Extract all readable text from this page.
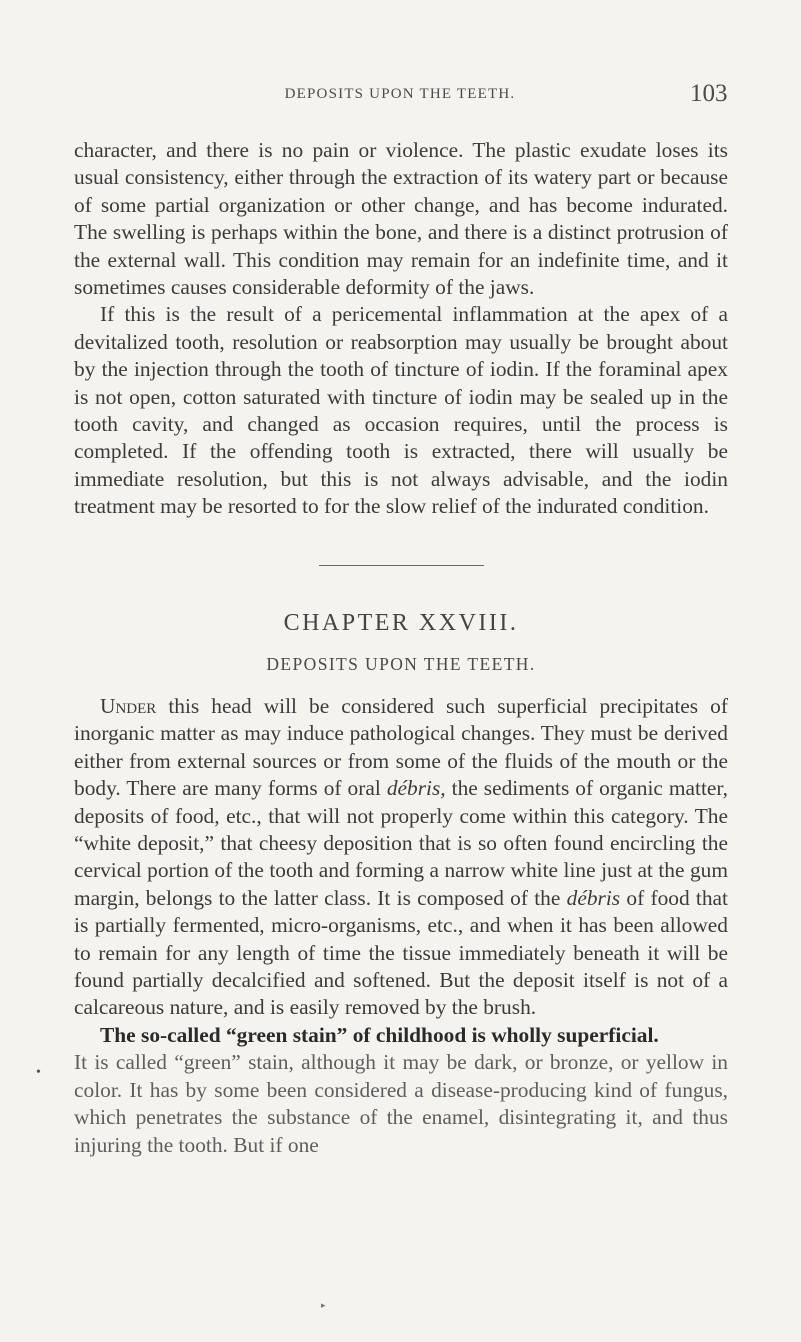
DEPOSITS UPON THE TEETH.	103

character, and there is no pain or violence. The plastic exudate loses its usual consistency, either through the extraction of its watery part or because of some partial organization or other change, and has become indurated. The swelling is perhaps within the bone, and there is a distinct protrusion of the external wall. This condition may remain for an indefinite time, and it sometimes causes considerable deformity of the jaws.

If this is the result of a pericemental inflammation at the apex of a devitalized tooth, resolution or reabsorption may usually be brought about by the injection through the tooth of tincture of iodin. If the foraminal apex is not open, cotton saturated with tincture of iodin may be sealed up in the tooth cavity, and changed as occasion requires, until the process is completed. If the offending tooth is extracted, there will usually be immediate resolution, but this is not always advisable, and the iodin treatment may be resorted to for the slow relief of the indurated condition.

CHAPTER XXVIII.
DEPOSITS UPON THE TEETH.

Under this head will be considered such superficial precipitates of inorganic matter as may induce pathological changes. They must be derived either from external sources or from some of the fluids of the mouth or the body. There are many forms of oral débris, the sediments of organic matter, deposits of food, etc., that will not properly come within this category. The “white deposit,” that cheesy deposition that is so often found encircling the cervical portion of the tooth and forming a narrow white line just at the gum margin, belongs to the latter class. It is composed of the débris of food that is partially fermented, micro-organisms, etc., and when it has been allowed to remain for any length of time the tissue immediately beneath it will be found partially decalcified and softened. But the deposit itself is not of a calcareous nature, and is easily removed by the brush.

The so-called “green stain” of childhood is wholly superficial.

It is called “green” stain, although it may be dark, or bronze, or yellow in color. It has by some been considered a disease-producing kind of fungus, which penetrates the substance of the enamel, disintegrating it, and thus injuring the tooth. But if one

•
▸
